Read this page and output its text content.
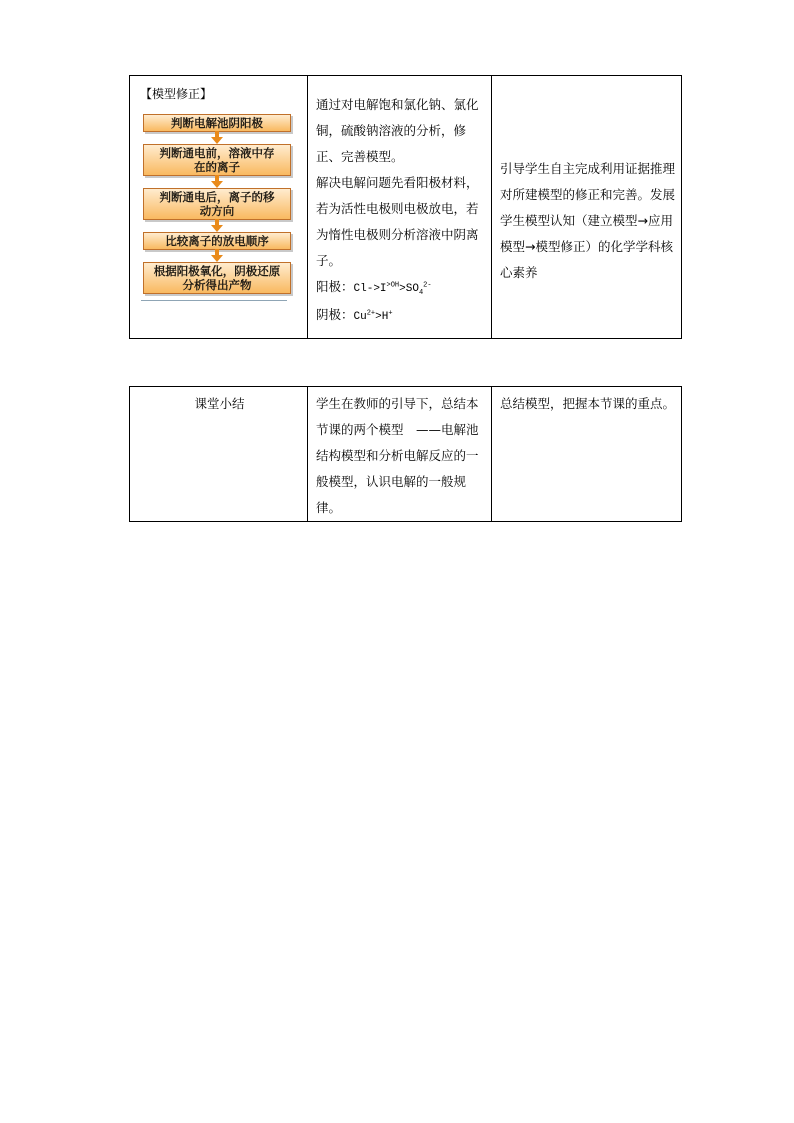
【模型修正】
判断电解池阴阳极
判断通电前，溶液中存在的离子
判断通电后，离子的移动方向
比较离子的放电顺序
根据阳极氧化，阴极还原分析得出产物

通过对电解饱和氯化钠、氯化铜，硫酸钠溶液的分析，修正、完善模型。
解决电解问题先看阳极材料，若为活性电极则电极放电，若为惰性电极则分析溶液中阴离子。
阳极：$Cl->I^{>OH}>SO_4^{2-}$
阴极：$Cu^{2+}>H^+$

引导学生自主完成利用证据推理对所建模型的修正和完善。发展学生模型认知（建立模型→应用模型→模型修正）的化学学科核心素养
课堂小结	学生在教师的引导下，总结本节课的两个模型　——电解池结构模型和分析电解反应的一般模型，认识电解的一般规律。

总结模型，把握本节课的重点。
